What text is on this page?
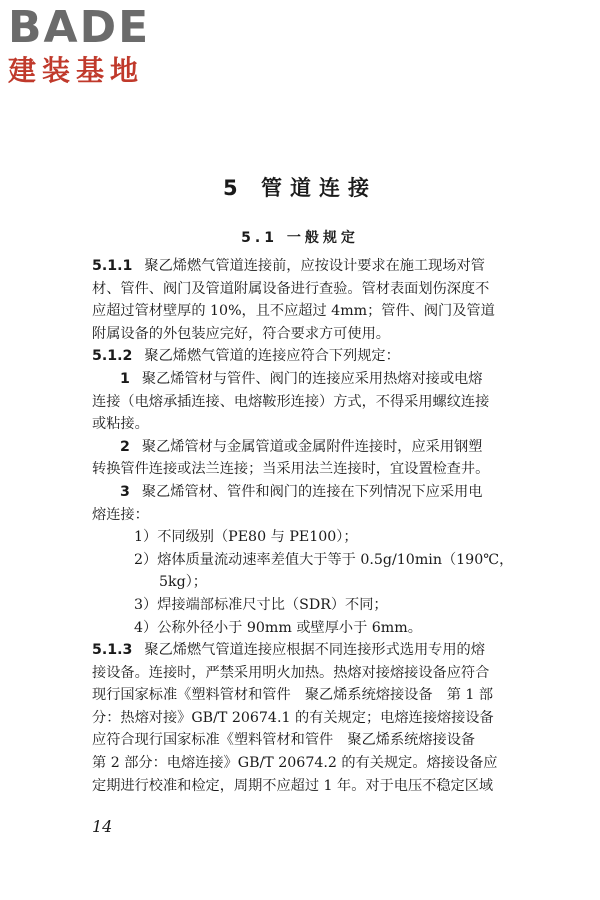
BADE
建装基地
5 管道连接
5.1 一般规定
5.1.1 聚乙烯燃气管道连接前，应按设计要求在施工现场对管
材、管件、阀门及管道附属设备进行查验。管材表面划伤深度不
应超过管材壁厚的 10%，且不应超过 4mm；管件、阀门及管道
附属设备的外包装应完好，符合要求方可使用。
5.1.2 聚乙烯燃气管道的连接应符合下列规定：
1 聚乙烯管材与管件、阀门的连接应采用热熔对接或电熔
连接（电熔承插连接、电熔鞍形连接）方式，不得采用螺纹连接
或粘接。
2 聚乙烯管材与金属管道或金属附件连接时，应采用钢塑
转换管件连接或法兰连接；当采用法兰连接时，宜设置检查井。
3 聚乙烯管材、管件和阀门的连接在下列情况下应采用电
熔连接：
1）不同级别（PE80 与 PE100）；
2）熔体质量流动速率差值大于等于 0.5g/10min（190℃，
5kg）；
3）焊接端部标准尺寸比（SDR）不同；
4）公称外径小于 90mm 或壁厚小于 6mm。
5.1.3 聚乙烯燃气管道连接应根据不同连接形式选用专用的熔
接设备。连接时，严禁采用明火加热。热熔对接熔接设备应符合
现行国家标准《塑料管材和管件　聚乙烯系统熔接设备　第 1 部
分：热熔对接》GB/T 20674.1 的有关规定；电熔连接熔接设备
应符合现行国家标准《塑料管材和管件　聚乙烯系统熔接设备
第 2 部分：电熔连接》GB/T 20674.2 的有关规定。熔接设备应
定期进行校准和检定，周期不应超过 1 年。对于电压不稳定区域
14
